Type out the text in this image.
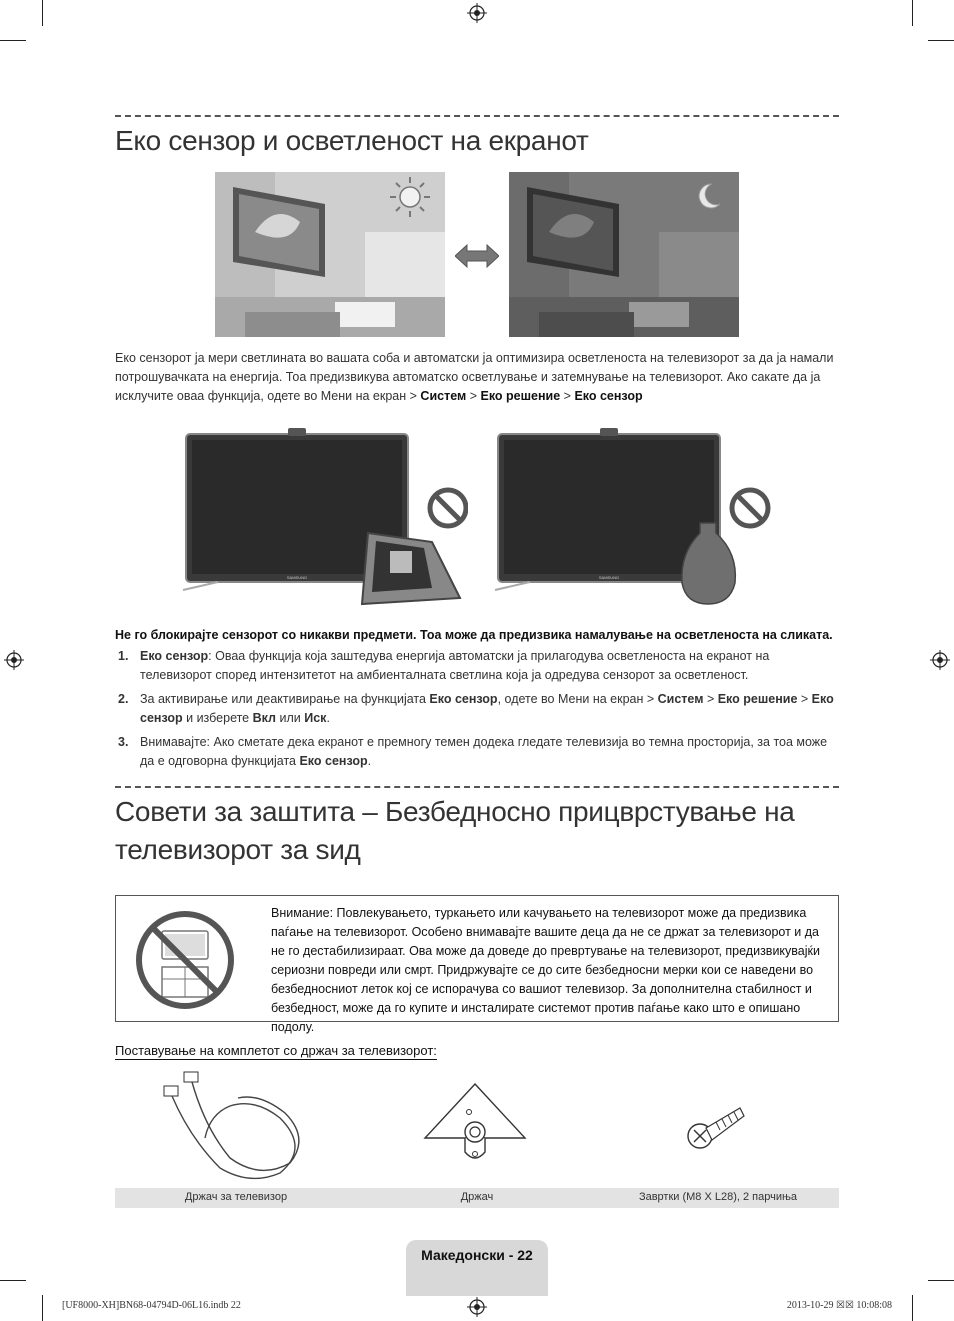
Еко сензор и осветленост на екранот
Еко сензорот ја мери светлината во вашата соба и автоматски ја оптимизира осветленоста на телевизорот за да ја намали потрошувачката на енергија. Тоа предизвикува автоматско осветлување и затемнување на телевизорот. Ако сакате да ја исклучите оваа функција, одете во Мени на екран > Систем > Еко решение > Еко сензор
SAMSUNG	SAMSUNG
Не го блокирајте сензорот со никакви предмети. Тоа може да предизвика намалување на осветленоста на сликата.
1. Еко сензор: Оваа функција која заштедува енергија автоматски ја прилагодува осветленоста на екранот на телевизорот според интензитетот на амбиенталната светлина која ја одредува сензорот за осветленост.
2. За активирање или деактивирање на функцијата Еко сензор, одете во Мени на екран > Систем > Еко решение > Еко сензор и изберете Вкл или Иск.
3. Внимавајте: Ако сметате дека екранот е премногу темен додека гледате телевизија во темна просторија, за тоа може да е одговорна функцијата Еко сензор.
Совети за заштита – Безбедносно прицврстување на
телевизорот за ѕид
Внимание: Повлекувањето, туркањето или качувањето на телевизорот може да предизвика паѓање на телевизорот. Особено внимавајте вашите деца да не се држат за телевизорот и да не го дестабилизираат. Ова може да доведе до превртување на телевизорот, предизвикувајќи сериозни повреди или смрт. Придржувајте се до сите безбедносни мерки кои се наведени во безбедносниот леток кој се испорачува со вашиот телевизор. За дополнителна стабилност и безбедност, може да го купите и инсталирате системот против паѓање како што е опишано подолу.
Поставување на комплетот со држач за телевизорот:
Држач за телевизор	Држач	Завртки (M8 X L28), 2 парчиња
Македонски - 22
[UF8000-XH]BN68-04794D-06L16.indb 22	2013-10-29 ☒☒ 10:08:08
